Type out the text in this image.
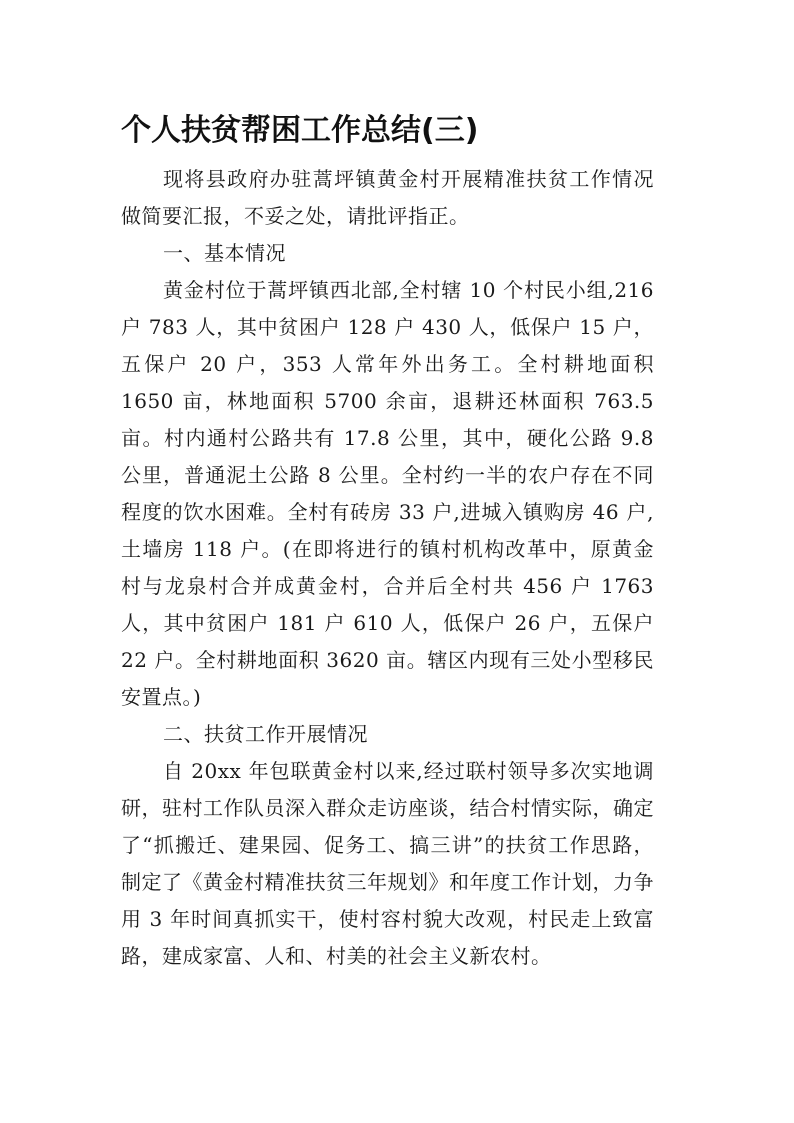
个人扶贫帮困工作总结(三)

现将县政府办驻蒿坪镇黄金村开展精准扶贫工作情况做简要汇报，不妥之处，请批评指正。

一、基本情况

黄金村位于蒿坪镇西北部,全村辖 10 个村民小组,216 户 783 人，其中贫困户 128 户 430 人，低保户 15 户，五保户 20 户，353 人常年外出务工。全村耕地面积 1650 亩，林地面积 5700 余亩，退耕还林面积 763.5 亩。村内通村公路共有 17.8 公里，其中，硬化公路 9.8 公里，普通泥土公路 8 公里。全村约一半的农户存在不同程度的饮水困难。全村有砖房 33 户,进城入镇购房 46 户,土墙房 118 户。(在即将进行的镇村机构改革中，原黄金村与龙泉村合并成黄金村，合并后全村共 456 户 1763 人，其中贫困户 181 户 610 人，低保户 26 户，五保户 22 户。全村耕地面积 3620 亩。辖区内现有三处小型移民安置点。)

二、扶贫工作开展情况

自 20xx 年包联黄金村以来,经过联村领导多次实地调研，驻村工作队员深入群众走访座谈，结合村情实际，确定了“抓搬迁、建果园、促务工、搞三讲”的扶贫工作思路，制定了《黄金村精准扶贫三年规划》和年度工作计划，力争用 3 年时间真抓实干，使村容村貌大改观，村民走上致富路，建成家富、人和、村美的社会主义新农村。
